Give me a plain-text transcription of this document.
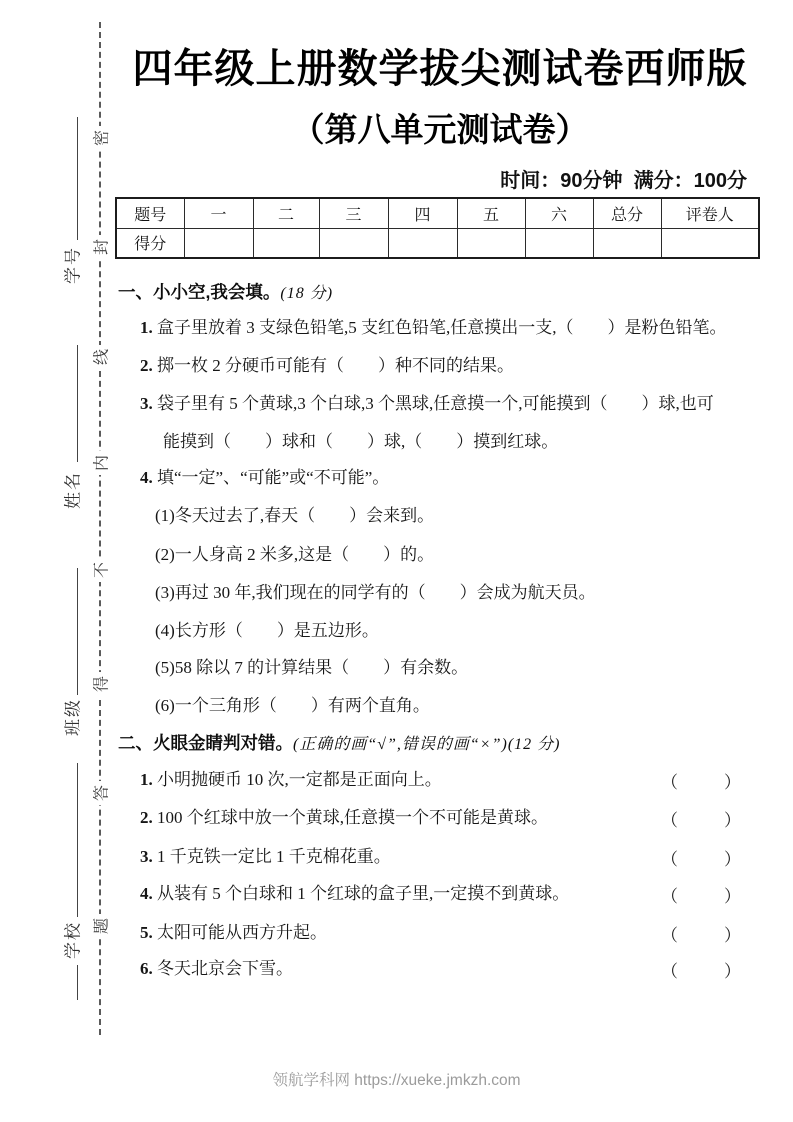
密
封
线
内
不
得
答
题
学号
姓名
班级
学校
四年级上册数学拔尖测试卷西师版
（第八单元测试卷）
时间：90分钟  满分：100分
题号	一	二	三	四	五	六	总分	评卷人
得分								
一、小小空,我会填。(18 分)
1. 盒子里放着 3 支绿色铅笔,5 支红色铅笔,任意摸出一支,（　　）是粉色铅笔。
2. 掷一枚 2 分硬币可能有（　　）种不同的结果。
3. 袋子里有 5 个黄球,3 个白球,3 个黑球,任意摸一个,可能摸到（　　）球,也可
能摸到（　　）球和（　　）球,（　　）摸到红球。
4. 填“一定”、“可能”或“不可能”。
(1)冬天过去了,春天（　　）会来到。
(2)一人身高 2 米多,这是（　　）的。
(3)再过 30 年,我们现在的同学有的（　　）会成为航天员。
(4)长方形（　　）是五边形。
(5)58 除以 7 的计算结果（　　）有余数。
(6)一个三角形（　　）有两个直角。
二、火眼金睛判对错。(正确的画“√”,错误的画“×”)(12 分)
1. 小明抛硬币 10 次,一定都是正面向上。	（　　）
2. 100 个红球中放一个黄球,任意摸一个不可能是黄球。	（　　）
3. 1 千克铁一定比 1 千克棉花重。	（　　）
4. 从装有 5 个白球和 1 个红球的盒子里,一定摸不到黄球。	（　　）
5. 太阳可能从西方升起。	（　　）
6. 冬天北京会下雪。	（　　）
领航学科网 https://xueke.jmkzh.com
